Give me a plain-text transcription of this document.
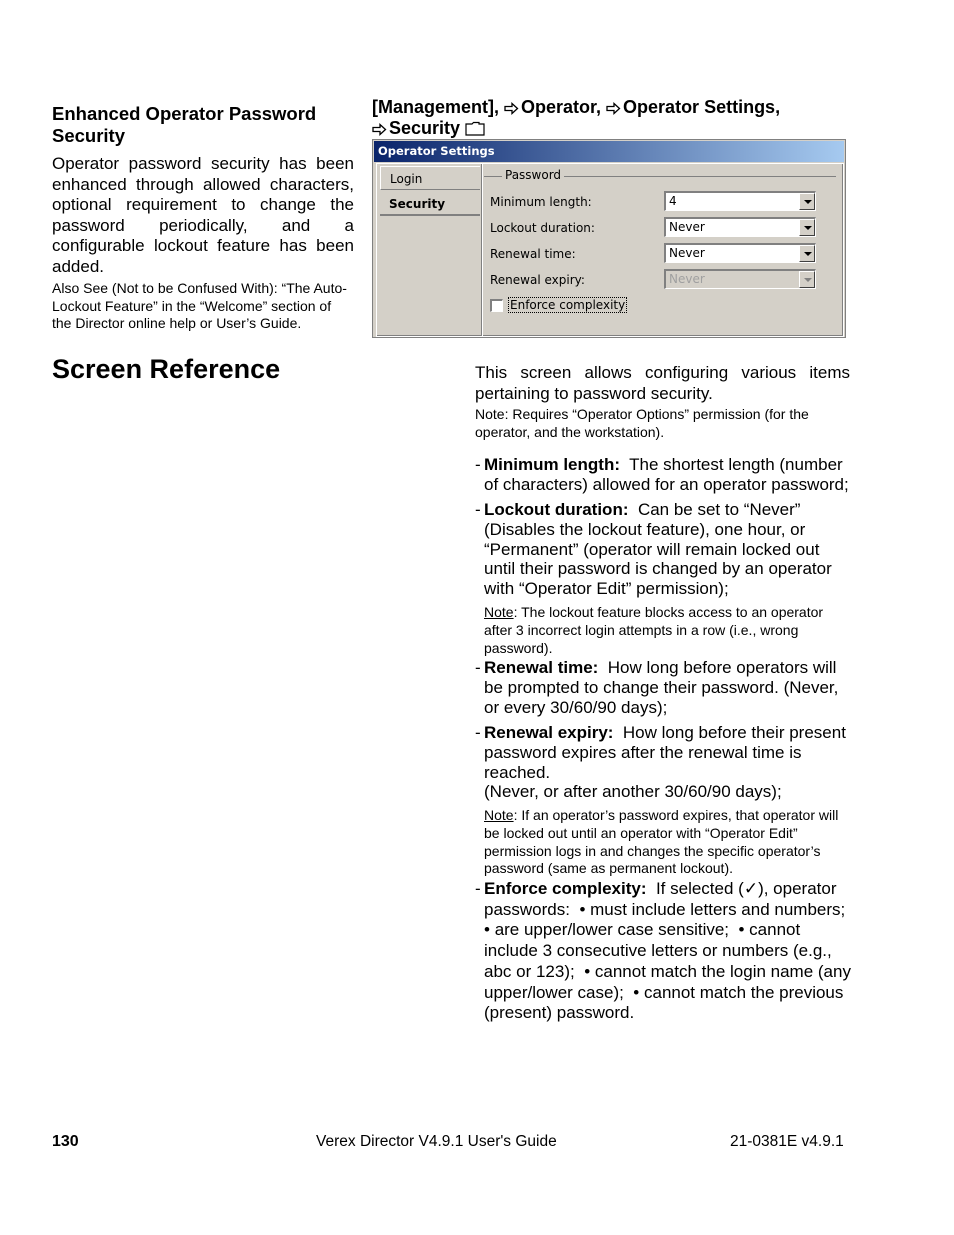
Enhanced Operator Password Security
Operator password security has been enhanced through allowed characters, optional requirement to change the password periodically, and a configurable lockout feature has been added.
Also See (Not to be Confused With): “The Auto-Lockout Feature” in the “Welcome” section of the Director online help or User’s Guide.
Screen Reference
[Management], Operator, Operator Settings,
Security
Operator Settings
Login
Security
Password
Minimum length:	4
Lockout duration:	Never
Renewal time:	Never
Renewal expiry:	Never
Enforce complexity
This screen allows configuring various items pertaining to password security.
Note: Requires “Operator Options” permission (for the operator, and the workstation).
- Minimum length: The shortest length (number of characters) allowed for an operator password;
- Lockout duration: Can be set to “Never” (Disables the lockout feature), one hour, or “Permanent” (operator will remain locked out until their password is changed by an operator with “Operator Edit” permission);
Note: The lockout feature blocks access to an operator after 3 incorrect login attempts in a row (i.e., wrong password).
- Renewal time: How long before operators will be prompted to change their password. (Never, or every 30/60/90 days);
- Renewal expiry: How long before their present password expires after the renewal time is reached.
(Never, or after another 30/60/90 days);
Note: If an operator’s password expires, that operator will be locked out until an operator with “Operator Edit” permission logs in and changes the specific operator’s password (same as permanent lockout).
- Enforce complexity: If selected (✓), operator passwords: • must include letters and numbers; • are upper/lower case sensitive; • cannot include 3 consecutive letters or numbers (e.g., abc or 123); • cannot match the login name (any upper/lower case); • cannot match the previous (present) password.
130	Verex Director V4.9.1 User's Guide	21-0381E v4.9.1
